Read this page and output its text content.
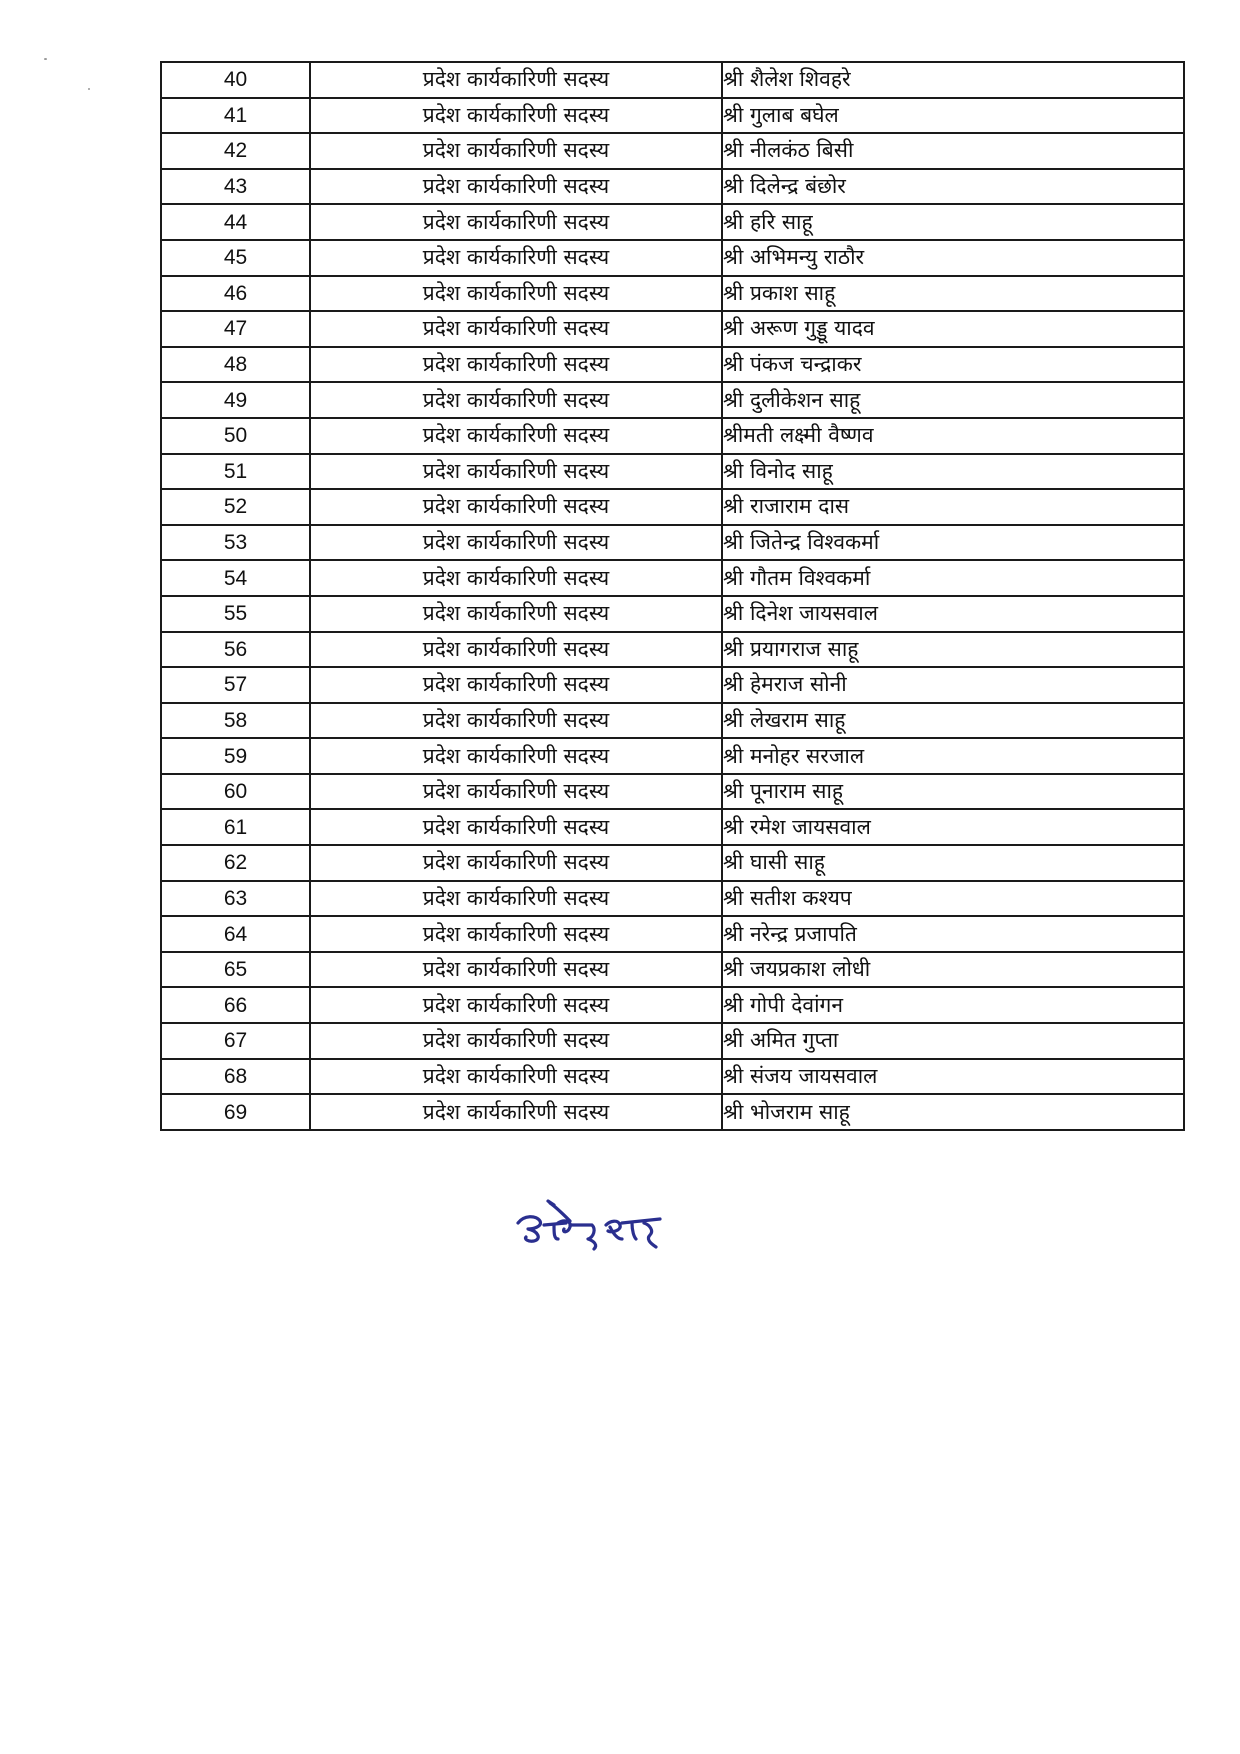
40	प्रदेश कार्यकारिणी सदस्य	श्री शैलेश शिवहरे
41	प्रदेश कार्यकारिणी सदस्य	श्री गुलाब बघेल
42	प्रदेश कार्यकारिणी सदस्य	श्री नीलकंठ बिसी
43	प्रदेश कार्यकारिणी सदस्य	श्री दिलेन्द्र बंछोर
44	प्रदेश कार्यकारिणी सदस्य	श्री हरि साहू
45	प्रदेश कार्यकारिणी सदस्य	श्री अभिमन्यु राठौर
46	प्रदेश कार्यकारिणी सदस्य	श्री प्रकाश साहू
47	प्रदेश कार्यकारिणी सदस्य	श्री अरूण गुड्डू यादव
48	प्रदेश कार्यकारिणी सदस्य	श्री पंकज चन्द्राकर
49	प्रदेश कार्यकारिणी सदस्य	श्री दुलीकेशन साहू
50	प्रदेश कार्यकारिणी सदस्य	श्रीमती लक्ष्मी वैष्णव
51	प्रदेश कार्यकारिणी सदस्य	श्री विनोद साहू
52	प्रदेश कार्यकारिणी सदस्य	श्री राजाराम दास
53	प्रदेश कार्यकारिणी सदस्य	श्री जितेन्द्र विश्वकर्मा
54	प्रदेश कार्यकारिणी सदस्य	श्री गौतम विश्वकर्मा
55	प्रदेश कार्यकारिणी सदस्य	श्री दिनेश जायसवाल
56	प्रदेश कार्यकारिणी सदस्य	श्री प्रयागराज साहू
57	प्रदेश कार्यकारिणी सदस्य	श्री हेमराज सोनी
58	प्रदेश कार्यकारिणी सदस्य	श्री लेखराम साहू
59	प्रदेश कार्यकारिणी सदस्य	श्री मनोहर सरजाल
60	प्रदेश कार्यकारिणी सदस्य	श्री पूनाराम साहू
61	प्रदेश कार्यकारिणी सदस्य	श्री रमेश जायसवाल
62	प्रदेश कार्यकारिणी सदस्य	श्री घासी साहू
63	प्रदेश कार्यकारिणी सदस्य	श्री सतीश कश्यप
64	प्रदेश कार्यकारिणी सदस्य	श्री नरेन्द्र प्रजापति
65	प्रदेश कार्यकारिणी सदस्य	श्री जयप्रकाश लोधी
66	प्रदेश कार्यकारिणी सदस्य	श्री गोपी देवांगन
67	प्रदेश कार्यकारिणी सदस्य	श्री अमित गुप्ता
68	प्रदेश कार्यकारिणी सदस्य	श्री संजय जायसवाल
69	प्रदेश कार्यकारिणी सदस्य	श्री भोजराम साहू
